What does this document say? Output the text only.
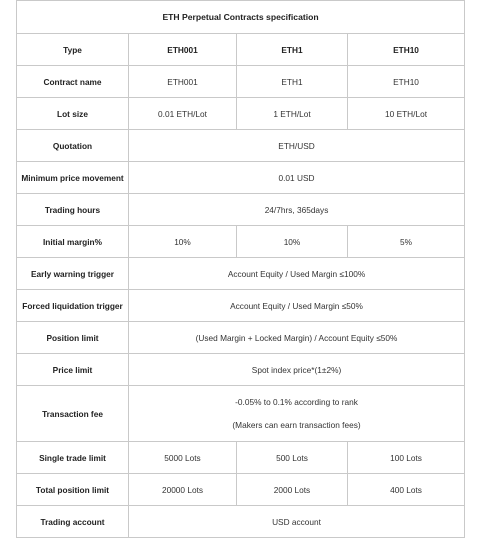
ETH Perpetual Contracts specification			
Type	ETH001	ETH1	ETH10
Contract name	ETH001	ETH1	ETH10
Lot size	0.01 ETH/Lot	1 ETH/Lot	10 ETH/Lot
Quotation	ETH/USD		
Minimum price movement	0.01 USD		
Trading hours	24/7hrs, 365days		
Initial margin%	10%	10%	5%
Early warning trigger	Account Equity / Used Margin ≤100%		
Forced liquidation trigger	Account Equity / Used Margin ≤50%		
Position limit	(Used Margin + Locked Margin) / Account Equity ≤50%		
Price limit	Spot index price*(1±2%)		
Transaction fee	-0.05% to 0.1% according to rank
(Makers can earn transaction fees)		

Single trade limit	5000 Lots	500 Lots	100 Lots
Total position limit	20000 Lots	2000 Lots	400 Lots
Trading account	USD account		
